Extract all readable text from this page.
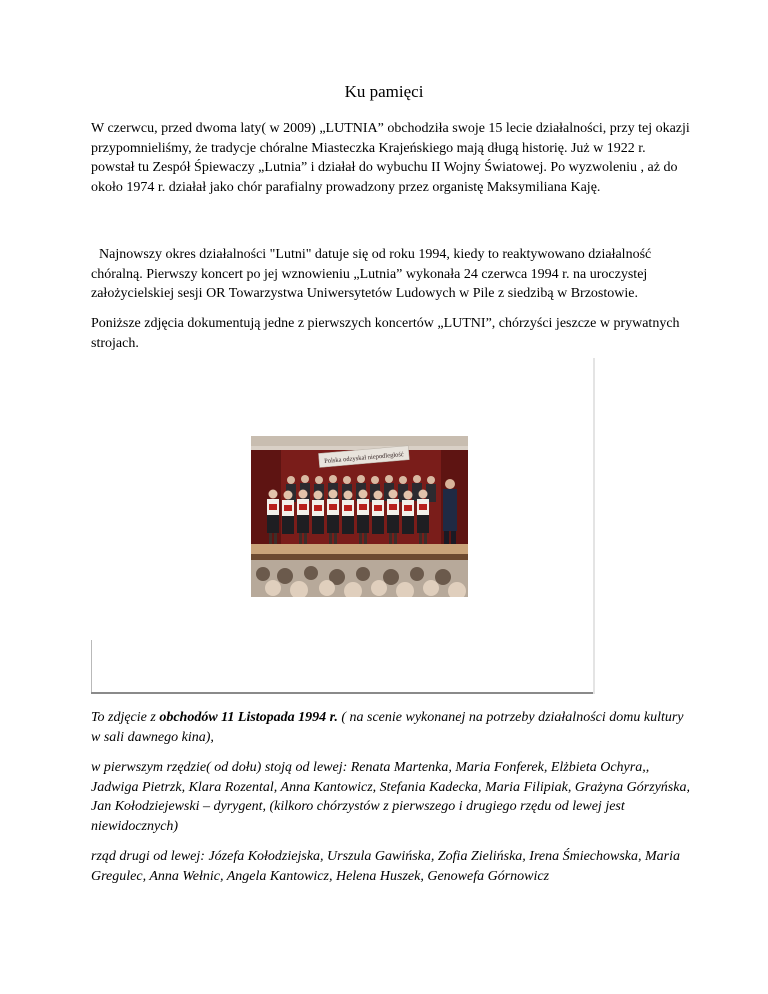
Ku pamięci

W czerwcu, przed dwoma laty( w 2009) „LUTNIA” obchodziła swoje 15 lecie działalności, przy tej okazji przypomnieliśmy, że tradycje chóralne Miasteczka Krajeńskiego mają długą historię. Już w 1922 r. powstał tu Zespół Śpiewaczy „Lutnia” i działał do wybuchu II Wojny Światowej. Po wyzwoleniu , aż do około 1974 r. działał jako chór parafialny prowadzony przez organistę Maksymiliana Kaję.

Najnowszy okres działalności "Lutni" datuje się od roku 1994, kiedy to reaktywowano działalność chóralną. Pierwszy koncert po jej wznowieniu „Lutnia” wykonała 24 czerwca 1994 r. na uroczystej założycielskiej sesji OR Towarzystwa Uniwersytetów Ludowych w Pile z siedzibą w Brzostowie.

Poniższe zdjęcia dokumentują jedne z pierwszych koncertów „LUTNI”, chórzyści jeszcze w prywatnych strojach.

Polska odzyskał niepodległość

To zdjęcie z obchodów 11 Listopada 1994 r. ( na scenie wykonanej na potrzeby działalności domu kultury w sali dawnego kina),

w pierwszym rzędzie( od dołu) stoją od lewej: Renata Martenka, Maria Fonferek, Elżbieta Ochyra,, Jadwiga Pietrzk, Klara Rozental, Anna Kantowicz, Stefania Kadecka, Maria Filipiak, Grażyna Górzyńska, Jan Kołodziejewski – dyrygent, (kilkoro chórzystów z pierwszego i drugiego rzędu od lewej jest niewidocznych)

rząd drugi od lewej: Józefa Kołodziejska, Urszula Gawińska, Zofia Zielińska, Irena Śmiechowska, Maria Gregulec, Anna Wełnic, Angela Kantowicz, Helena Huszek, Genowefa Górnowicz
